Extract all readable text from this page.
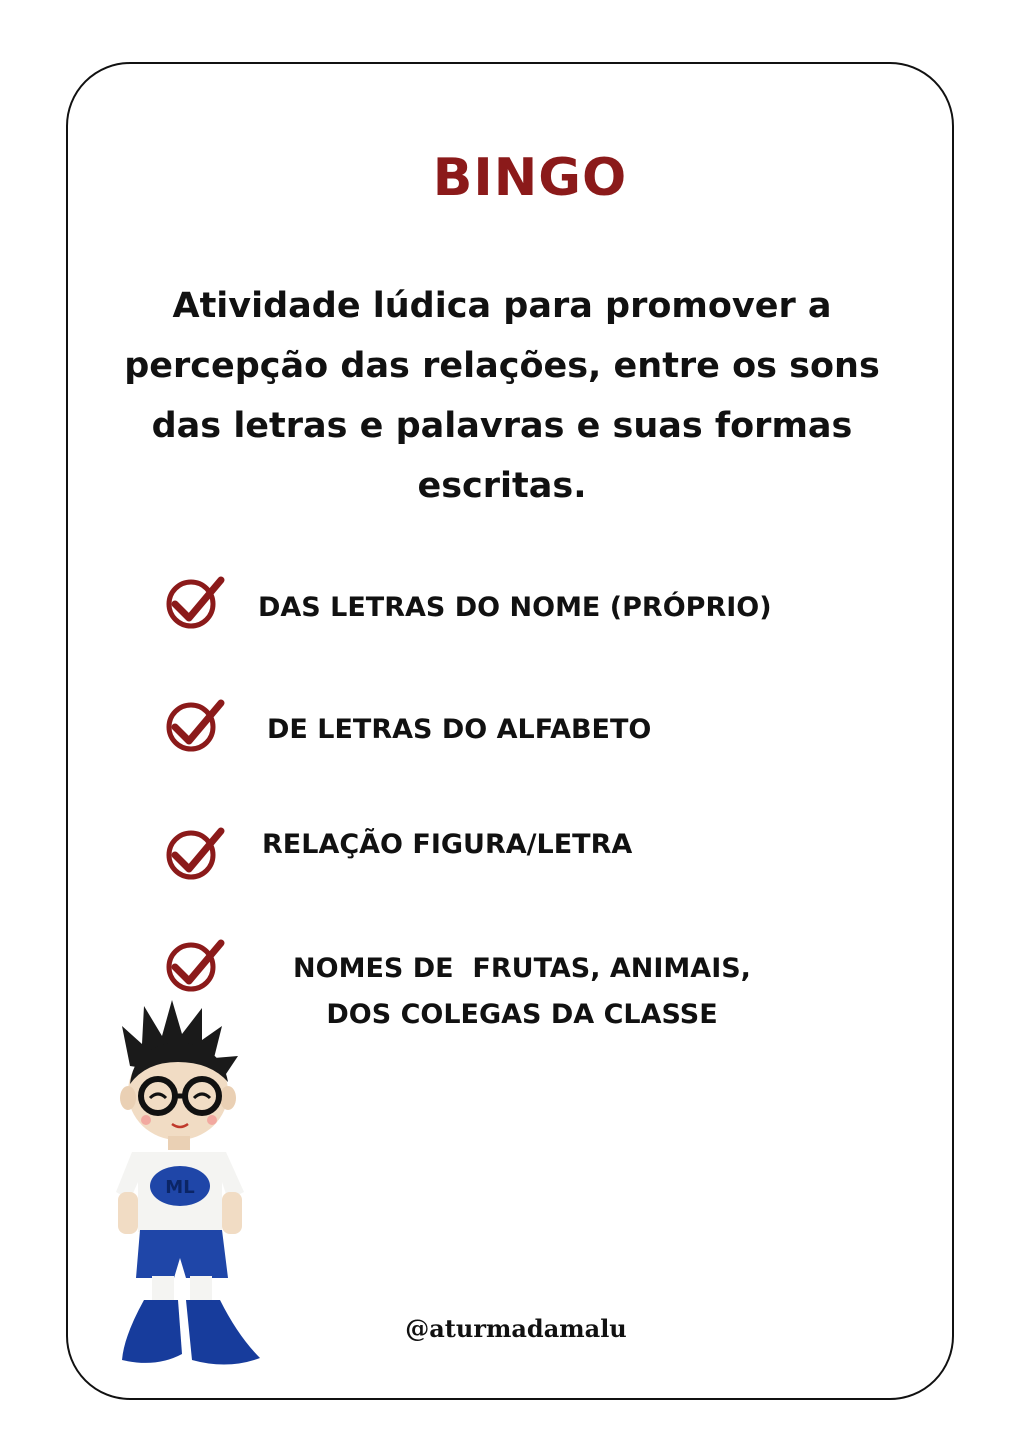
BINGO
Atividade lúdica para promover a percepção das relações, entre os sons das letras e palavras e suas formas escritas.
DAS LETRAS DO NOME (PRÓPRIO)
DE LETRAS DO ALFABETO
RELAÇÃO FIGURA/LETRA
NOMES DE  FRUTAS, ANIMAIS,
DOS COLEGAS DA CLASSE
ML
@aturmadamalu
